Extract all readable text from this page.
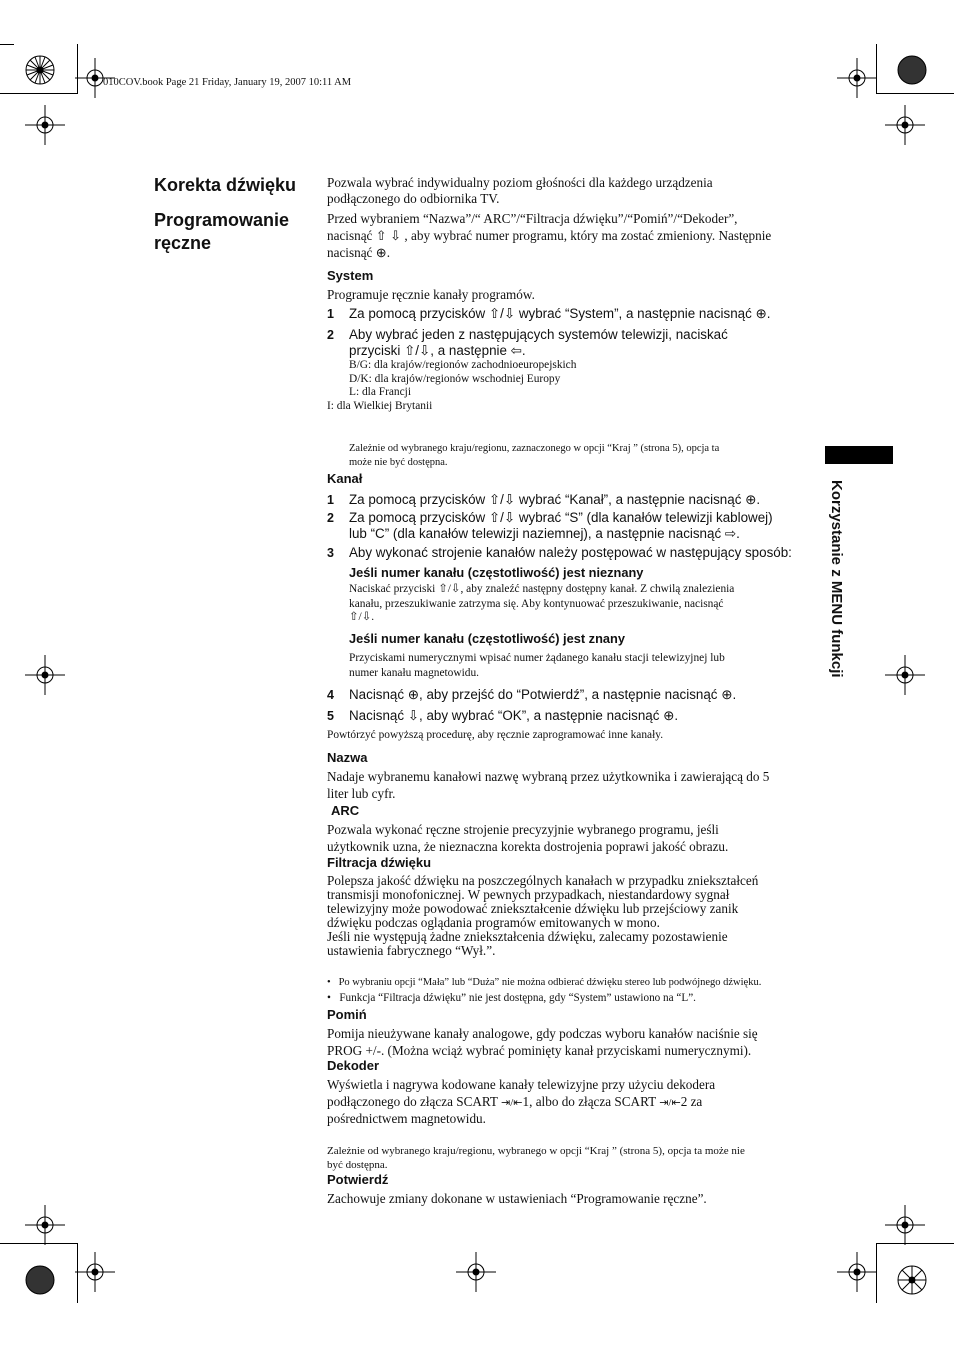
010COV.book Page 21 Friday, January 19, 2007 10:11 AM
Korzystanie z MENU funkcji
Korekta dźwięku
Programowanie
ręczne
Pozwala wybrać indywidualny poziom głośności dla każdego urządzenia
podłączonego do odbiornika TV.
Przed wybraniem “Nazwa”/“ ARC”/“Filtracja dźwięku”/“Pomiń”/“Dekoder”,
nacisnąć ⇧ ⇩ , aby wybrać numer programu, który ma zostać zmieniony. Następnie
nacisnąć ⊕.
System
Programuje ręcznie kanały programów.
1 Za pomocą przycisków ⇧/⇩ wybrać “System”, a następnie nacisnąć ⊕.
2 Aby wybrać jeden z następujących systemów telewizji, naciskać
przyciski ⇧/⇩, a następnie ⇦.
B/G: dla krajów/regionów zachodnioeuropejskich
D/K: dla krajów/regionów wschodniej Europy
L: dla Francji
I: dla Wielkiej Brytanii
Zależnie od wybranego kraju/regionu, zaznaczonego w opcji “Kraj ” (strona 5), opcja ta
może nie być dostępna.
Kanał
1 Za pomocą przycisków ⇧/⇩ wybrać “Kanał”, a następnie nacisnąć ⊕.
2 Za pomocą przycisków ⇧/⇩ wybrać “S” (dla kanałów telewizji kablowej)
lub “C” (dla kanałów telewizji naziemnej), a następnie nacisnąć ⇨.
3 Aby wykonać strojenie kanałów należy postępować w następujący sposób:
Jeśli numer kanału (częstotliwość) jest nieznany
Naciskać przyciski ⇧/⇩, aby znaleźć następny dostępny kanał. Z chwilą znalezienia
kanału, przeszukiwanie zatrzyma się. Aby kontynuować przeszukiwanie, nacisnąć
⇧/⇩.
Jeśli numer kanału (częstotliwość) jest znany
Przyciskami numerycznymi wpisać numer żądanego kanału stacji telewizyjnej lub
numer kanału magnetowidu.
4 Nacisnąć ⊕, aby przejść do “Potwierdź”, a następnie nacisnąć ⊕.
5 Nacisnąć ⇩, aby wybrać “OK”, a następnie nacisnąć ⊕.
Powtórzyć powyższą procedurę, aby ręcznie zaprogramować inne kanały.
Nazwa
Nadaje wybranemu kanałowi nazwę wybraną przez użytkownika i zawierającą do 5
liter lub cyfr.
ARC
Pozwala wykonać ręczne strojenie precyzyjnie wybranego programu, jeśli
użytkownik uzna, że nieznaczna korekta dostrojenia poprawi jakość obrazu.
Filtracja dźwięku
Polepsza jakość dźwięku na poszczególnych kanałach w przypadku zniekształceń
transmisji monofonicznej. W pewnych przypadkach, niestandardowy sygnał
telewizyjny może powodować zniekształcenie dźwięku lub przejściowy zanik
dźwięku podczas oglądania programów emitowanych w mono.
Jeśli nie występują żadne zniekształcenia dźwięku, zalecamy pozostawienie
ustawienia fabrycznego “Wył.”.
•   Po wybraniu opcji “Mała” lub “Duża” nie można odbierać dźwięku stereo lub podwójnego dźwięku.
•   Funkcja “Filtracja dźwięku” nie jest dostępna, gdy “System” ustawiono na “L”.
Pomiń
Pomija nieużywane kanały analogowe, gdy podczas wyboru kanałów naciśnie się
PROG +/-. (Można wciąż wybrać pominięty kanał przyciskami numerycznymi).
Dekoder
Wyświetla i nagrywa kodowane kanały telewizyjne przy użyciu dekodera
podłączonego do złącza SCART ⇥/⇤1, albo do złącza SCART ⇥/⇤2 za
pośrednictwem magnetowidu.
Zależnie od wybranego kraju/regionu, wybranego w opcji “Kraj ” (strona 5), opcja ta może nie
być dostępna.
Potwierdź
Zachowuje zmiany dokonane w ustawieniach “Programowanie ręczne”.
